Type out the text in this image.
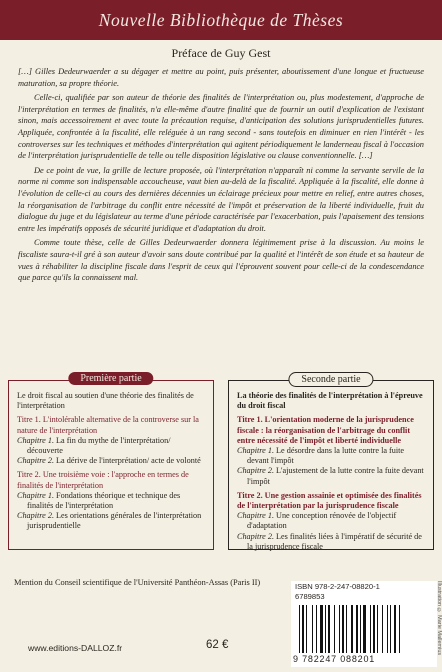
Nouvelle Bibliothèque de Thèses
Préface de Guy Gest

[…] Gilles Dedeurwaerder a su dégager et mettre au point, puis présenter, aboutissement d'une longue et fructueuse maturation, sa propre théorie.

Celle-ci, qualifiée par son auteur de théorie des finalités de l'interprétation ou, plus modestement, d'approche de l'interprétation en termes de finalités, n'a elle-même d'autre finalité que de fournir un outil d'explication de l'existant sinon, mais accessoirement et avec toute la précaution requise, d'anticipation des solutions jurisprudentielles futures. Appliquée, confrontée à la fiscalité, elle reléguée à un rang second - sans toutefois en diminuer en rien l'intérêt - les controverses sur les techniques et méthodes d'interprétation qui agitent périodiquement le landerneau fiscal à l'occasion de l'interprétation jurisprudentielle de telle ou telle disposition législative ou clause conventionnelle. […]

De ce point de vue, la grille de lecture proposée, où l'interprétation n'apparaît ni comme la servante servile de la norme ni comme son indispensable accoucheuse, vaut bien au-delà de la fiscalité. Appliquée à la fiscalité, elle donne à l'évolution de celle-ci au cours des dernières décennies un éclairage précieux pour mettre en relief, entre autres choses, la réorganisation de l'arbitrage du conflit entre nécessité de l'impôt et préservation de la liberté individuelle, fruit du dialogue du juge et du législateur au terme d'une période caractérisée par l'exacerbation, puis l'apaisement des tensions entre les impératifs opposés de sécurité juridique et d'adaptation du droit.

Comme toute thèse, celle de Gilles Dedeurwaerder donnera légitimement prise à la discussion. Au moins le fiscaliste saura-t-il gré à son auteur d'avoir sans doute contribué par la qualité et l'intérêt de son étude et sa hauteur de vues à réhabiliter la discipline fiscale dans l'esprit de ceux qui l'éprouvent souvent pour celle-ci de la condescendance que parce qu'ils la connaissent mal.

Le droit fiscal au soutien d'une théorie des finalités de l'interprétation
Titre 1. L'intolérable alternative de la controverse sur la nature de l'interprétation
Chapitre 1. La fin du mythe de l'interprétation/ découverte
Chapitre 2. La dérive de l'interprétation/ acte de volonté
Titre 2. Une troisième voie : l'approche en termes de finalités de l'interprétation
Chapitre 1. Fondations théorique et technique des finalités de l'interprétation
Chapitre 2. Les orientations générales de l'interprétation jurisprudentielle
Première partie
La théorie des finalités de l'interprétation à l'épreuve du droit fiscal
Titre 1. L'orientation moderne de la jurisprudence fiscale : la réorganisation de l'arbitrage du conflit entre nécessité de l'impôt et liberté individuelle
Chapitre 1. Le désordre dans la lutte contre la fuite devant l'impôt
Chapitre 2. L'ajustement de la lutte contre la fuite devant l'impôt
Titre 2. Une gestion assainie et optimisée des finalités de l'interprétation par la jurisprudence fiscale
Chapitre 1. Une conception rénovée de l'objectif d'adaptation
Chapitre 2. Les finalités liées à l'impératif de sécurité de la jurisprudence fiscale
Seconde partie
Mention du Conseil scientifique de l'Université Panthéon-Assas (Paris II)	ISBN 978-2-247-08820-1
6789853
9 782247 088201
Illustration © Marie Mallemius
www.editions-DALLOZ.fr	62 €
